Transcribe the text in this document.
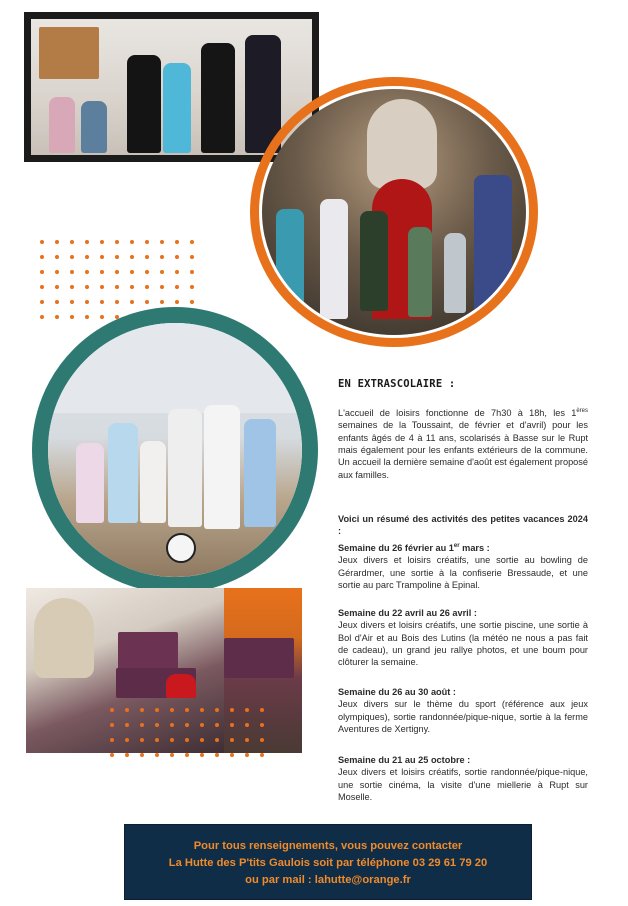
EN EXTRASCOLAIRE :

L'accueil de loisirs fonctionne de 7h30 à 18h, les 1ères semaines de la Toussaint, de février et d'avril) pour les enfants âgés de 4 à 11 ans, scolarisés à Basse sur le Rupt mais également pour les enfants extérieurs de la commune. Un accueil la dernière semaine d'août est également proposé aux familles.

Voici un résumé des activités des petites vacances 2024 :

Semaine du 26 février au 1er mars :

Jeux divers et loisirs créatifs, une sortie au bowling de Gérardmer, une sortie à la confiserie Bressaude, et une sortie au parc Trampoline à Epinal.

Semaine du 22 avril au 26 avril :

Jeux divers et loisirs créatifs, une sortie piscine, une sortie à Bol d'Air et au Bois des Lutins (la météo ne nous a pas fait de cadeau), un grand jeu rallye photos, et une boum pour clôturer la semaine.

Semaine du 26 au 30 août :

Jeux divers sur le thème du sport (référence aux jeux olympiques), sortie randonnée/pique-nique, sortie à la ferme Aventures de Xertigny.

Semaine du 21 au 25 octobre :

Jeux divers et loisirs créatifs, sortie randonnée/pique-nique, une sortie cinéma, la visite d'une miellerie à Rupt sur Moselle.

Pour tous renseignements, vous pouvez contacter
La Hutte des P'tits Gaulois soit par téléphone 03 29 61 79 20
ou par mail : lahutte@orange.fr
